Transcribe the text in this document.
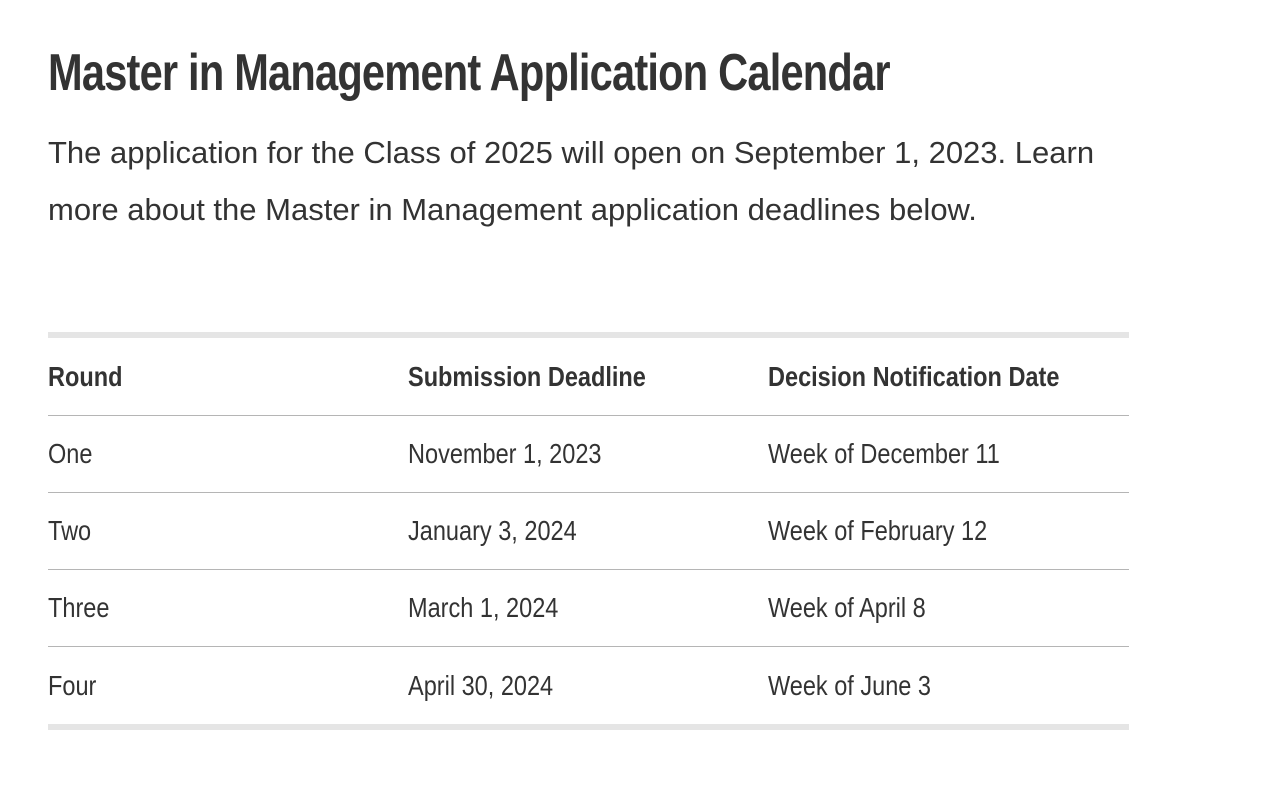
Master in Management Application Calendar

The application for the Class of 2025 will open on September 1, 2023. Learn more about the Master in Management application deadlines below.

Round	Submission Deadline	Decision Notification Date
One	November 1, 2023	Week of December 11
Two	January 3, 2024	Week of February 12
Three	March 1, 2024	Week of April 8
Four	April 30, 2024	Week of June 3
